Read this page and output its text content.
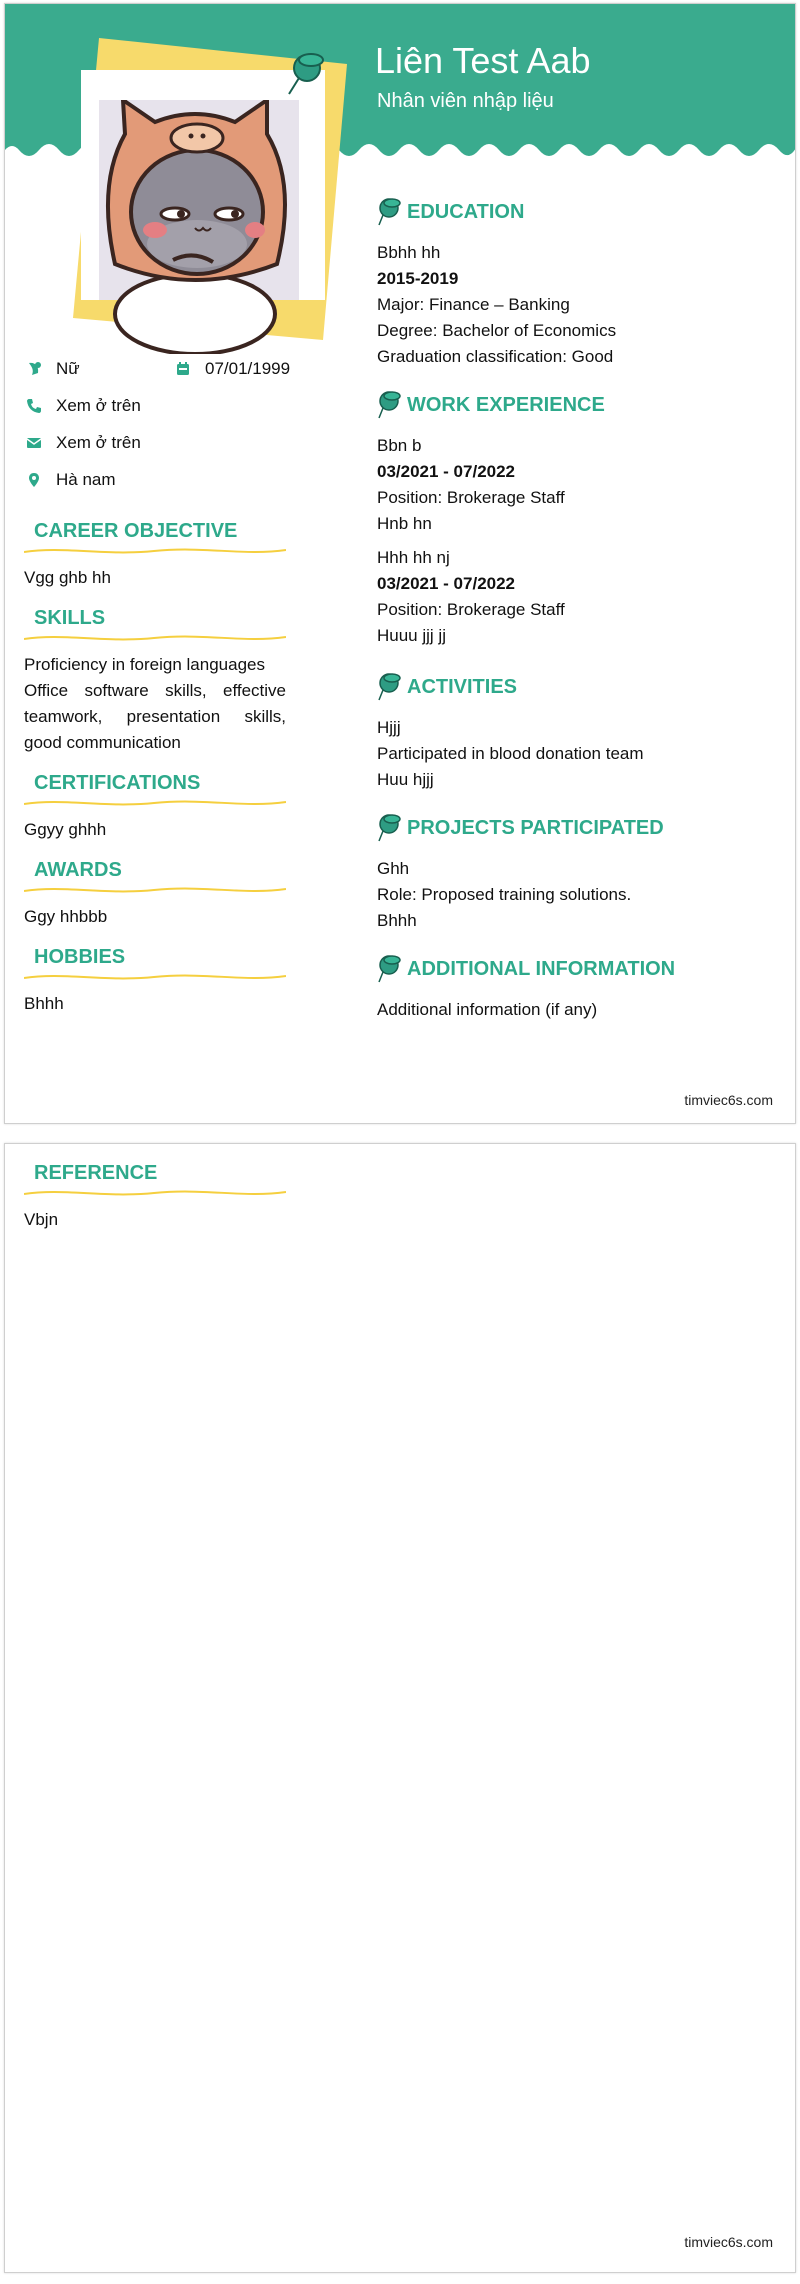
Liên Test Aab
Nhân viên nhập liệu
Nữ	07/01/1999
Xem ở trên
Xem ở trên
Hà nam
CAREER OBJECTIVE
Vgg ghb hh
SKILLS

Proficiency in foreign languages

Office software skills, effective teamwork, presentation skills, good communication

CERTIFICATIONS
Ggyy ghhh
AWARDS
Ggy hhbbb
HOBBIES
Bhhh
EDUCATION

Bbhh hh

2015-2019

Major: Finance – Banking

Degree: Bachelor of Economics

Graduation classification: Good

WORK EXPERIENCE

Bbn b

03/2021 - 07/2022

Position: Brokerage Staff

Hnb hn

Hhh hh nj

03/2021 - 07/2022

Position: Brokerage Staff

Huuu jjj jj

ACTIVITIES

Hjjj

Participated in blood donation team

Huu hjjj

PROJECTS PARTICIPATED

Ghh

Role: Proposed training solutions.

Bhhh

ADDITIONAL INFORMATION

Additional information (if any)

timviec6s.com
REFERENCE
Vbjn
timviec6s.com
